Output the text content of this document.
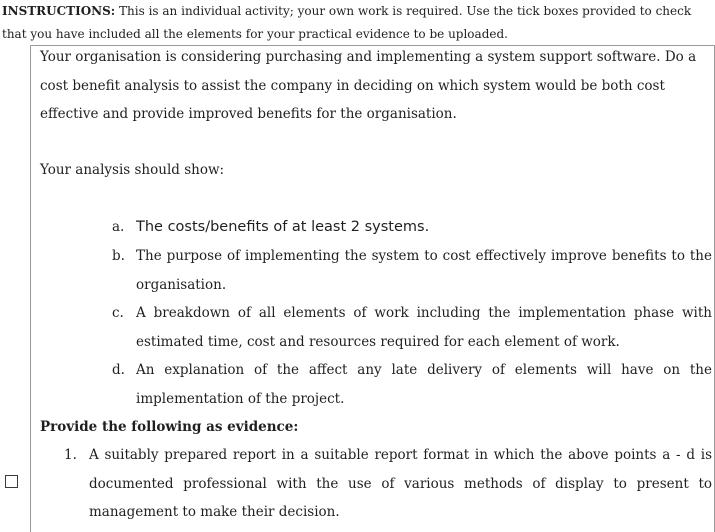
INSTRUCTIONS: This is an individual activity; your own work is required. Use the tick boxes provided to check that you have included all the elements for your practical evidence to be uploaded.
Your organisation is considering purchasing and implementing a system support software. Do a cost benefit analysis to assist the company in deciding on which system would be both cost effective and provide improved benefits for the organisation.
Your analysis should show:
a. The costs/benefits of at least 2 systems.
b. The purpose of implementing the system to cost effectively improve benefits to the organisation.
c. A breakdown of all elements of work including the implementation phase with estimated time, cost and resources required for each element of work.
d. An explanation of the affect any late delivery of elements will have on the implementation of the project.
Provide the following as evidence:
1. A suitably prepared report in a suitable report format in which the above points a - d is documented professional with the use of various methods of display to present to management to make their decision.
